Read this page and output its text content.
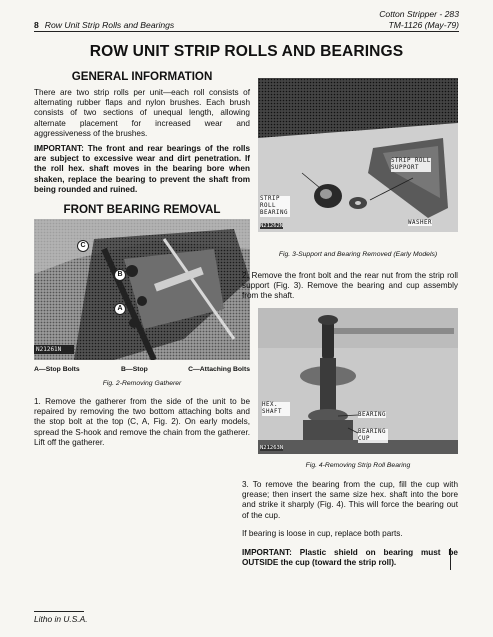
Cotton Stripper - 283
TM-1126 (May-79)
8 Row Unit Strip Rolls and Bearings
ROW UNIT STRIP ROLLS AND BEARINGS
GENERAL INFORMATION
There are two strip rolls per unit—each roll consists of alternating rubber flaps and nylon brushes. Each brush consists of two sections of unequal length, allowing alternate placement for increased wear and aggressiveness of the brushes.
IMPORTANT: The front and rear bearings of the rolls are subject to excessive wear and dirt penetration. If the roll hex. shaft moves in the bearing bore when shaken, replace the bearing to prevent the shaft from being rounded and ruined.
FRONT BEARING REMOVAL
N21261N
C
B
A
A—Stop Bolts	B—Stop	C—Attaching Bolts
Fig. 2-Removing Gatherer
1. Remove the gatherer from the side of the unit to be repaired by removing the two bottom attaching bolts and the stop bolt at the top (C, A, Fig. 2). On early models, spread the S-hook and remove the chain from the gatherer. Lift off the gatherer.
STRIP ROLL SUPPORT
STRIP ROLL BEARING
WASHER
N21262N
Fig. 3-Support and Bearing Removed (Early Models)
2. Remove the front bolt and the rear nut from the strip roll support (Fig. 3). Remove the bearing and cup assembly from the shaft.
HEX. SHAFT	BEARING
BEARING CUP
N21263N
Fig. 4-Removing Strip Roll Bearing
3. To remove the bearing from the cup, fill the cup with grease; then insert the same size hex. shaft into the bore and strike it sharply (Fig. 4). This will force the bearing out of the cup.
If bearing is loose in cup, replace both parts.
IMPORTANT: Plastic shield on bearing must be OUTSIDE the cup (toward the strip roll).
Litho in U.S.A.
